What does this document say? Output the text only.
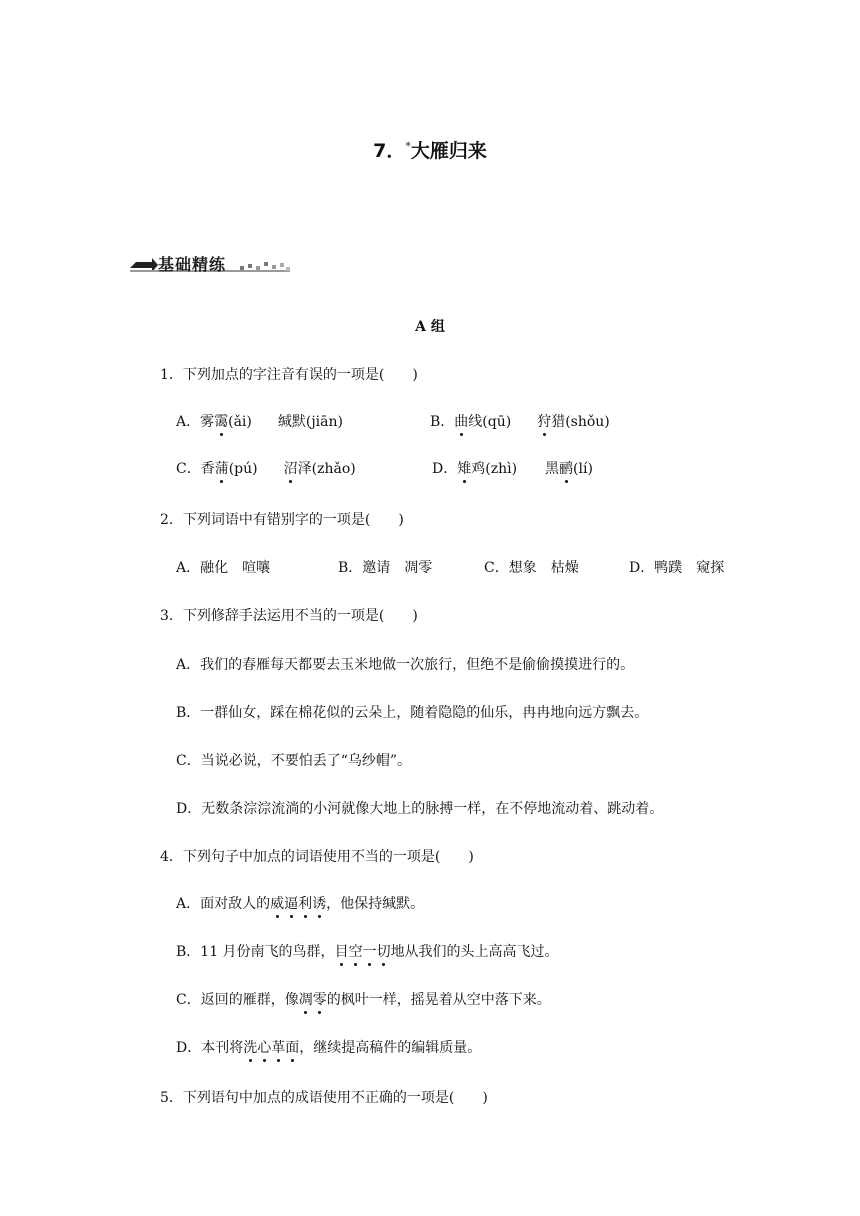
7．*大雁归来
基础精练
A 组
1．下列加点的字注音有误的一项是(　　)
A．雾霭(ǎi) 缄默(jiān)	B．曲线(qū) 狩猎(shǒu)
C．香蒲(pú) 沼泽(zhǎo)	D．雉鸡(zhì) 黑鹂(lí)
2．下列词语中有错别字的一项是(　　)
A．融化　喧嚷	B．邀请　凋零	C．想象　枯燥	D．鸭蹼　窥探
3．下列修辞手法运用不当的一项是(　　)
A．我们的春雁每天都要去玉米地做一次旅行，但绝不是偷偷摸摸进行的。
B．一群仙女，踩在棉花似的云朵上，随着隐隐的仙乐，冉冉地向远方飘去。
C．当说必说，不要怕丢了“乌纱帽”。
D．无数条淙淙流淌的小河就像大地上的脉搏一样，在不停地流动着、跳动着。
4．下列句子中加点的词语使用不当的一项是(　　)
A．面对敌人的威逼利诱，他保持缄默。
B．11 月份南飞的鸟群，目空一切地从我们的头上高高飞过。
C．返回的雁群，像凋零的枫叶一样，摇晃着从空中落下来。
D．本刊将洗心革面，继续提高稿件的编辑质量。
5．下列语句中加点的成语使用不正确的一项是(　　)
